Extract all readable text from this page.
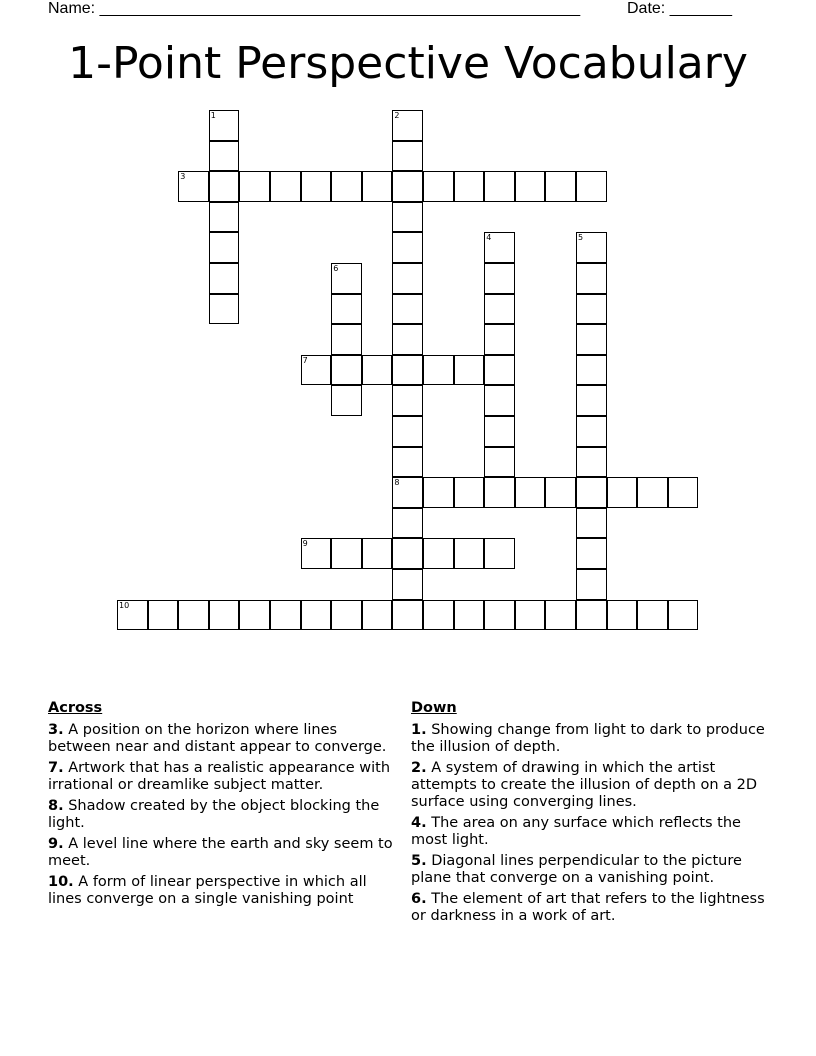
Name: ______________________________________________________	Date: _______
1-Point Perspective Vocabulary
1	2
8
3
4	5
6
7
9
10
Across
3. A position on the horizon where lines between near and distant appear to converge.
7. Artwork that has a realistic appearance with irrational or dreamlike subject matter.
8. Shadow created by the object blocking the light.
9. A level line where the earth and sky seem to meet.
10. A form of linear perspective in which all lines converge on a single vanishing point
Down
1. Showing change from light to dark to produce the illusion of depth.
2. A system of drawing in which the artist attempts to create the illusion of depth on a 2D surface using converging lines.
4. The area on any surface which reflects the most light.
5. Diagonal lines perpendicular to the picture plane that converge on a vanishing point.
6. The element of art that refers to the lightness or darkness in a work of art.
